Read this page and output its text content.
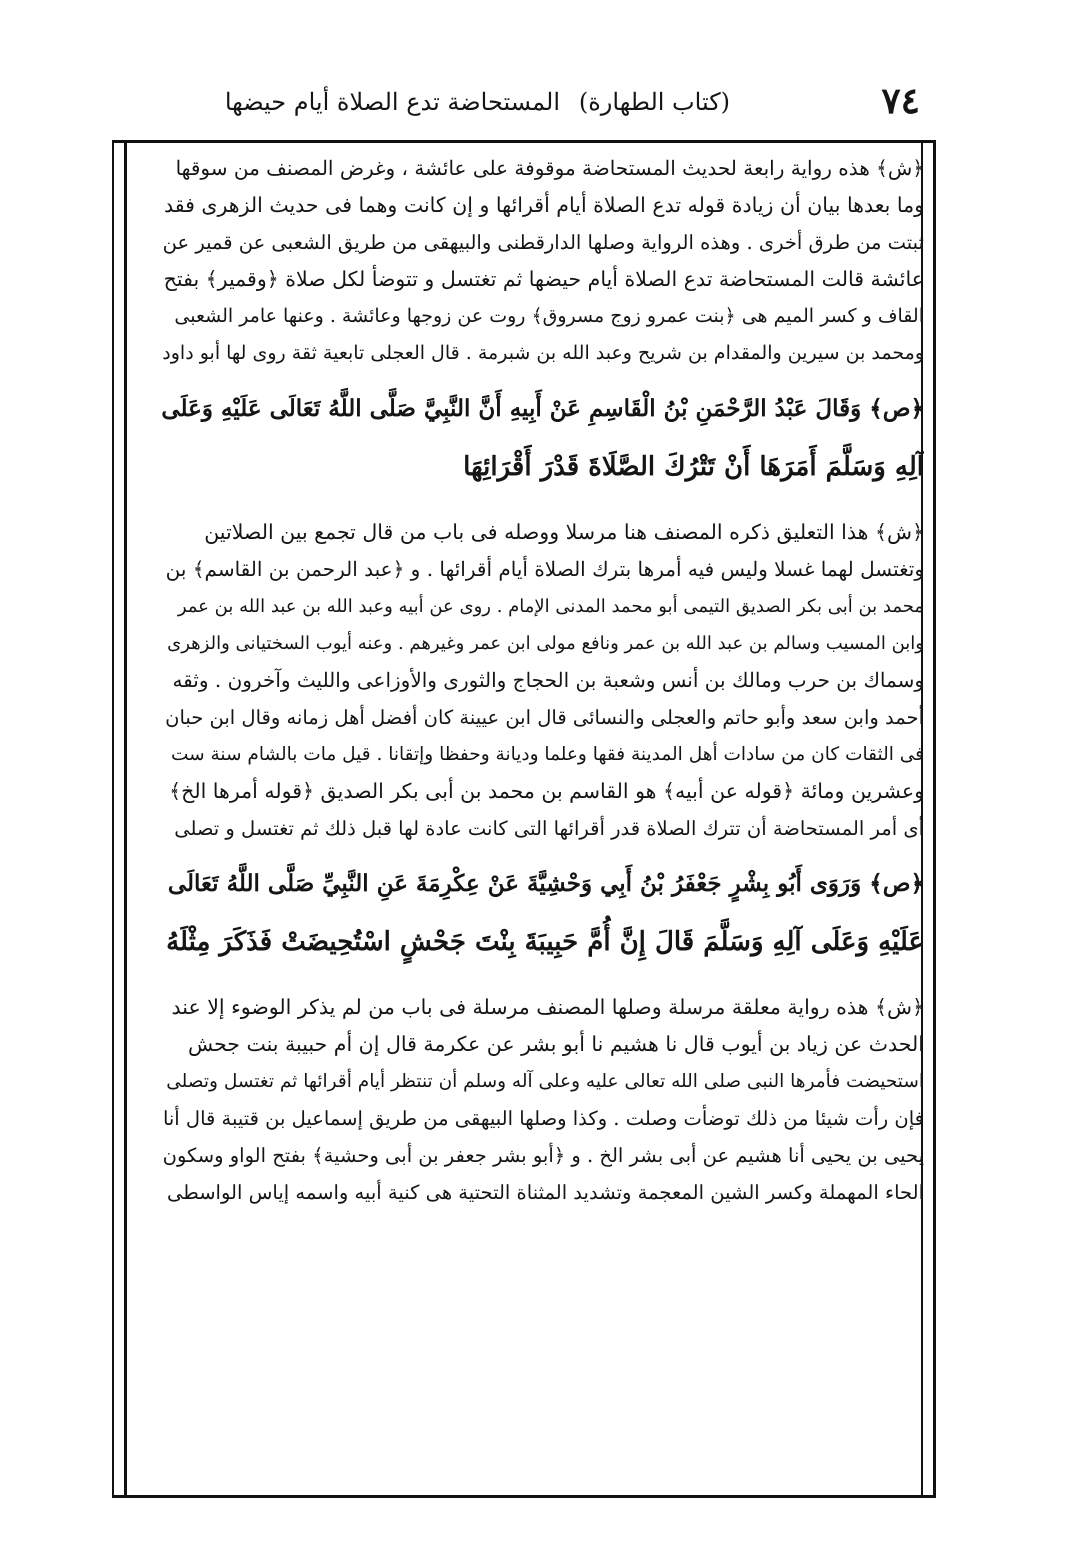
٧٤
(كتاب الطهارة)
المستحاضة تدع الصلاة أيام حيضها

﴿ش﴾ هذه رواية رابعة لحديث المستحاضة موقوفة على عائشة ، وغرض المصنف من سوقها
وما بعدها بيان أن زيادة قوله تدع الصلاة أيام أقرائها و إن كانت وهما فى حديث الزهرى فقد
ثبتت من طرق أخرى . وهذه الرواية وصلها الدارقطنى والبيهقى من طريق الشعبى عن قمير عن
عائشة قالت المستحاضة تدع الصلاة أيام حيضها ثم تغتسل و تتوضأ لكل صلاة ﴿وقمير﴾ بفتح
القاف و كسر الميم هى ﴿بنت عمرو زوج مسروق﴾ روت عن زوجها وعائشة . وعنها عامر الشعبى
ومحمد بن سيرين والمقدام بن شريح وعبد الله بن شبرمة . قال العجلى تابعية ثقة روى لها أبو داود

﴿ص﴾ وَقَالَ عَبْدُ الرَّحْمَنِ بْنُ الْقَاسِمِ عَنْ أَبِيهِ أَنَّ النَّبِيَّ صَلَّى اللَّهُ تَعَالَى عَلَيْهِ وَعَلَى
آلِهِ وَسَلَّمَ أَمَرَهَا أَنْ تَتْرُكَ الصَّلَاةَ قَدْرَ أَقْرَائِهَا

﴿ش﴾ هذا التعليق ذكره المصنف هنا مرسلا ووصله فى باب من قال تجمع بين الصلاتين
وتغتسل لهما غسلا وليس فيه أمرها بترك الصلاة أيام أقرائها . و ﴿عبد الرحمن بن القاسم﴾ بن
محمد بن أبى بكر الصديق التيمى أبو محمد المدنى الإمام . روى عن أبيه وعبد الله بن عبد الله بن عمر
وابن المسيب وسالم بن عبد الله بن عمر ونافع مولى ابن عمر وغيرهم . وعنه أيوب السختيانى والزهرى
وسماك بن حرب ومالك بن أنس وشعبة بن الحجاج والثورى والأوزاعى والليث وآخرون . وثقه
أحمد وابن سعد وأبو حاتم والعجلى والنسائى قال ابن عيينة كان أفضل أهل زمانه وقال ابن حبان
فى الثقات كان من سادات أهل المدينة فقها وعلما وديانة وحفظا وإتقانا . قيل مات بالشام سنة ست
وعشرين ومائة ﴿قوله عن أبيه﴾ هو القاسم بن محمد بن أبى بكر الصديق ﴿قوله أمرها الخ﴾
أى أمر المستحاضة أن تترك الصلاة قدر أقرائها التى كانت عادة لها قبل ذلك ثم تغتسل و تصلى

﴿ص﴾ وَرَوَى أَبُو بِشْرٍ جَعْفَرُ بْنُ أَبِي وَحْشِيَّةَ عَنْ عِكْرِمَةَ عَنِ النَّبِيِّ صَلَّى اللَّهُ تَعَالَى
عَلَيْهِ وَعَلَى آلِهِ وَسَلَّمَ قَالَ إِنَّ أُمَّ حَبِيبَةَ بِنْتَ جَحْشٍ اسْتُحِيضَتْ فَذَكَرَ مِثْلَهُ

﴿ش﴾ هذه رواية معلقة مرسلة وصلها المصنف مرسلة فى باب من لم يذكر الوضوء إلا عند
الحدث عن زياد بن أيوب قال نا هشيم نا أبو بشر عن عكرمة قال إن أم حبيبة بنت جحش
استحيضت فأمرها النبى صلى الله تعالى عليه وعلى آله وسلم أن تنتظر أيام أقرائها ثم تغتسل وتصلى
فإن رأت شيئا من ذلك توضأت وصلت . وكذا وصلها البيهقى من طريق إسماعيل بن قتيبة قال أنا
يحيى بن يحيى أنا هشيم عن أبى بشر الخ . و ﴿أبو بشر جعفر بن أبى وحشية﴾ بفتح الواو وسكون
الحاء المهملة وكسر الشين المعجمة وتشديد المثناة التحتية هى كنية أبيه واسمه إياس الواسطى
